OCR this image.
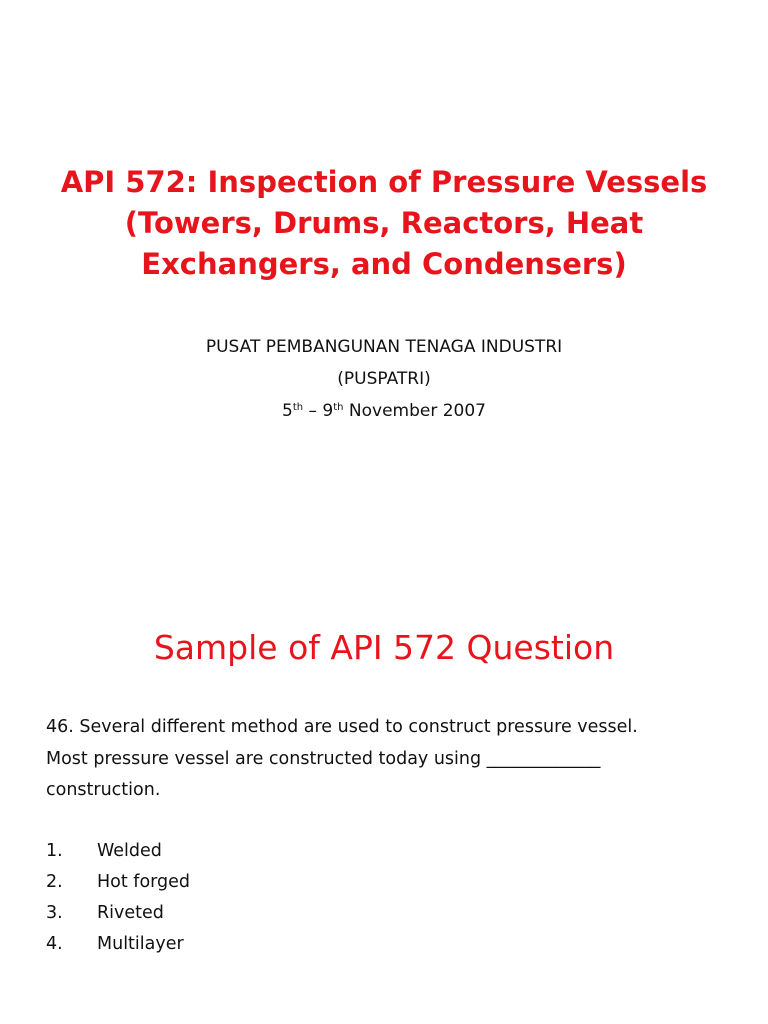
API 572: Inspection of Pressure Vessels
(Towers, Drums, Reactors, Heat
Exchangers, and Condensers)
PUSAT PEMBANGUNAN TENAGA INDUSTRI
(PUSPATRI)
5th – 9th November 2007
Sample of API 572 Question
46. Several different method are used to construct pressure vessel.
Most pressure vessel are constructed today using _____________
construction.
1.	Welded
2.	Hot forged
3.	Riveted
4.	Multilayer
